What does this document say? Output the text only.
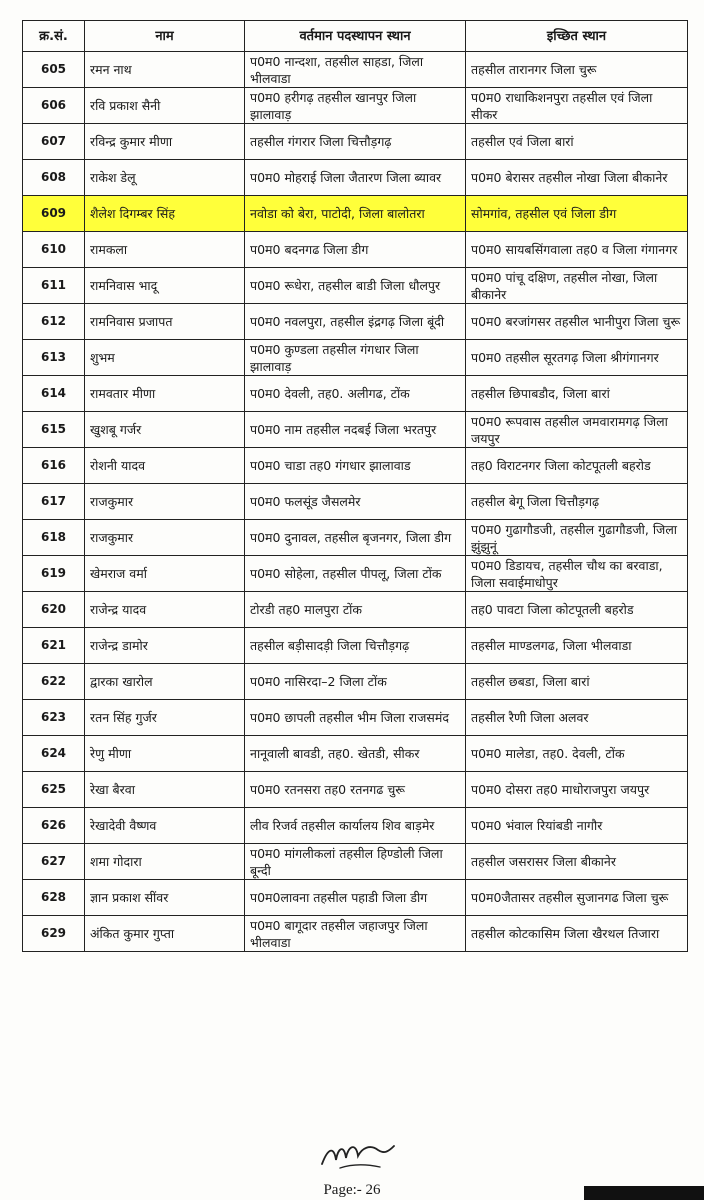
क्र.सं.	नाम	वर्तमान पदस्थापन स्थान	इच्छित स्थान
605	रमन नाथ	प0म0 नान्दशा, तहसील साहडा, जिला भीलवाडा	तहसील तारानगर जिला चुरू
606	रवि प्रकाश सैनी	प0म0 हरीगढ़ तहसील खानपुर जिला झालावाड़	प0म0 राधाकिशनपुरा तहसील एवं जिला सीकर
607	रविन्द्र कुमार मीणा	तहसील गंगरार जिला चित्तौड़गढ़	तहसील एवं जिला बारां
608	राकेश डेलू	प0म0 मोहराई जिला जैतारण जिला ब्यावर	प0म0 बेरासर तहसील नोखा जिला बीकानेर
609	शैलेश दिगम्बर सिंह	नवोडा को बेरा, पाटोदी, जिला बालोतरा	सोमगांव, तहसील एवं जिला डीग
610	रामकला	प0म0 बदनगढ जिला डीग	प0म0 सायबसिंगवाला तह0 व जिला गंगानगर
611	रामनिवास भादू	प0म0 रूधेरा, तहसील बाडी जिला धौलपुर	प0म0 पांचू दक्षिण, तहसील नोखा, जिला बीकानेर
612	रामनिवास प्रजापत	प0म0 नवलपुरा, तहसील इंद्रगढ़ जिला बूंदी	प0म0 बरजांगसर तहसील भानीपुरा जिला चुरू
613	शुभम	प0म0 कुण्डला तहसील गंगधार जिला झालावाड़	प0म0 तहसील सूरतगढ़ जिला श्रीगंगानगर
614	रामवतार मीणा	प0म0 देवली, तह0. अलीगढ, टोंक	तहसील छिपाबडौद, जिला बारां
615	खुशबू गर्जर	प0म0 नाम तहसील नदबई जिला भरतपुर	प0म0 रूपवास तहसील जमवारामगढ़ जिला जयपुर
616	रोशनी यादव	प0म0 चाडा तह0 गंगधार झालावाड	तह0 विराटनगर जिला कोटपूतली बहरोड
617	राजकुमार	प0म0 फलसूंड जैसलमेर	तहसील बेगू जिला चित्तौड़गढ़
618	राजकुमार	प0म0 दुनावल, तहसील बृजनगर, जिला डीग	प0म0 गुढागौडजी, तहसील गुढागौडजी, जिला झुंझुनूं
619	खेमराज वर्मा	प0म0 सोहेला, तहसील पीपलू, जिला टोंक	प0म0 डिडायच, तहसील चौथ का बरवाडा, जिला सवाईमाधोपुर
620	राजेन्द्र यादव	टोरडी तह0 मालपुरा टोंक	तह0 पावटा जिला कोटपूतली बहरोड
621	राजेन्द्र डामोर	तहसील बड़ीसादड़ी जिला चित्तौड़गढ़	तहसील माण्डलगढ, जिला भीलवाडा
622	द्वारका खारोल	प0म0 नासिरदा–2 जिला टोंक	तहसील छबडा, जिला बारां
623	रतन सिंह गुर्जर	प0म0 छापली तहसील भीम जिला राजसमंद	तहसील रैणी जिला अलवर
624	रेणु मीणा	नानूवाली बावडी, तह0. खेतडी, सीकर	प0म0 मालेडा, तह0. देवली, टोंक
625	रेखा बैरवा	प0म0 रतनसरा तह0 रतनगढ चुरू	प0म0 दोसरा तह0 माधोराजपुरा जयपुर
626	रेखादेवी वैष्णव	लीव रिजर्व तहसील कार्यालय शिव बाड़मेर	प0म0 भंवाल रियांबडी नागौर
627	शमा गोदारा	प0म0 मांगलीकलां तहसील हिण्डोली जिला बून्दी	तहसील जसरासर जिला बीकानेर
628	ज्ञान प्रकाश सींवर	प0म0लावना तहसील पहाडी जिला डीग	प0म0जैतासर तहसील सुजानगढ जिला चुरू
629	अंकित कुमार गुप्ता	प0म0 बागूदार तहसील जहाजपुर जिला भीलवाडा	तहसील कोटकासिम जिला खैरथल तिजारा
Page:- 26
